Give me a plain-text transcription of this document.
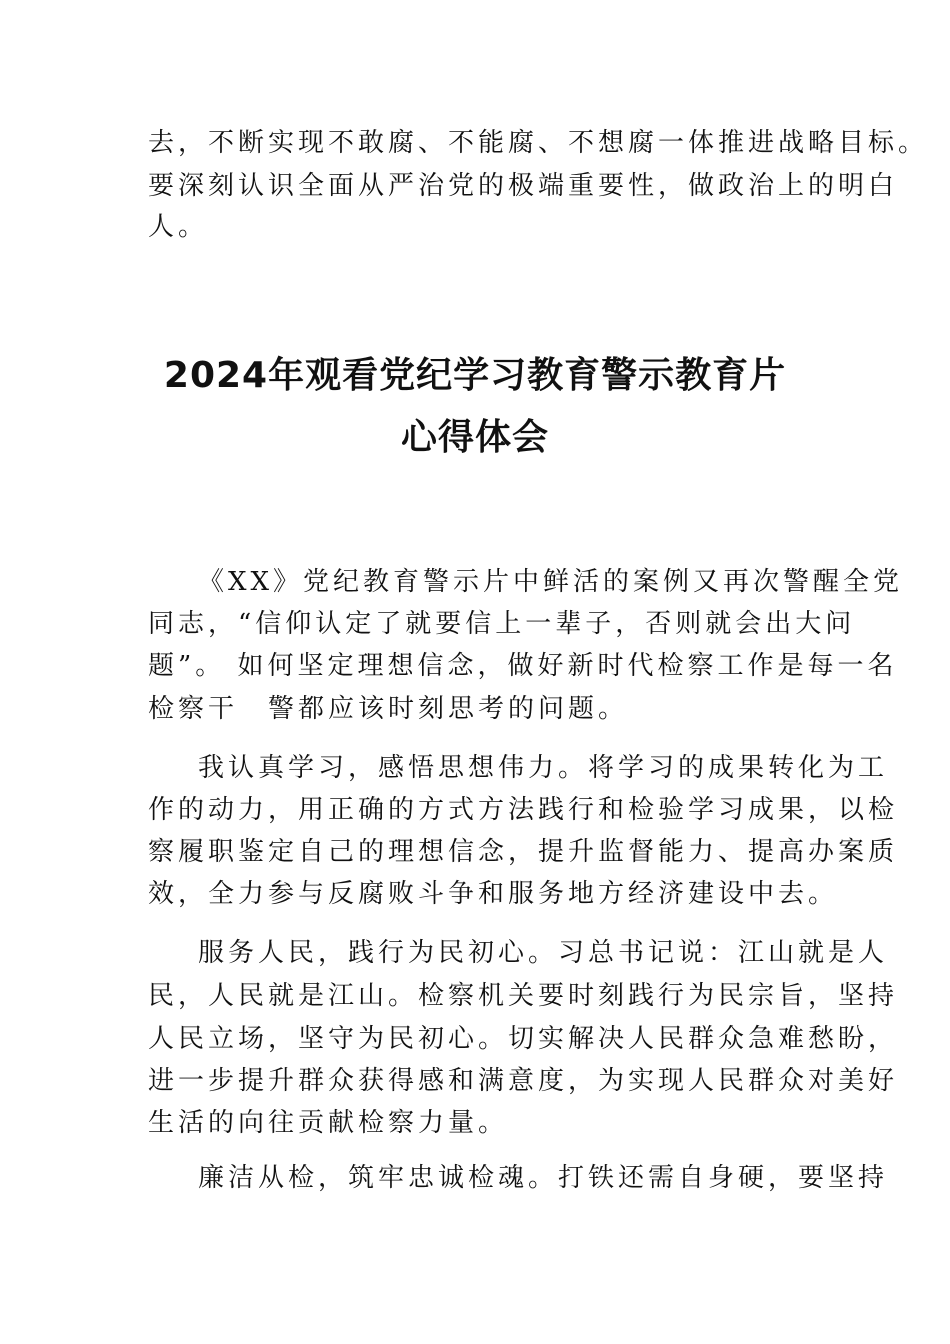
去，不断实现不敢腐、不能腐、不想腐一体推进战略目标。
要深刻认识全面从严治党的极端重要性，做政治上的明白
人。
2024年观看党纪学习教育警示教育片
心得体会
《XX》党纪教育警示片中鲜活的案例又再次警醒全党
同志，“信仰认定了就要信上一辈子，否则就会出大问
题”。 如何坚定理想信念，做好新时代检察工作是每一名
检察干　警都应该时刻思考的问题。
我认真学习，感悟思想伟力。将学习的成果转化为工
作的动力，用正确的方式方法践行和检验学习成果，以检
察履职鉴定自己的理想信念，提升监督能力、提高办案质
效，全力参与反腐败斗争和服务地方经济建设中去。
服务人民，践行为民初心。习总书记说：江山就是人
民，人民就是江山。检察机关要时刻践行为民宗旨，坚持
人民立场，坚守为民初心。切实解决人民群众急难愁盼，
进一步提升群众获得感和满意度，为实现人民群众对美好
生活的向往贡献检察力量。
廉洁从检，筑牢忠诚检魂。打铁还需自身硬，要坚持
